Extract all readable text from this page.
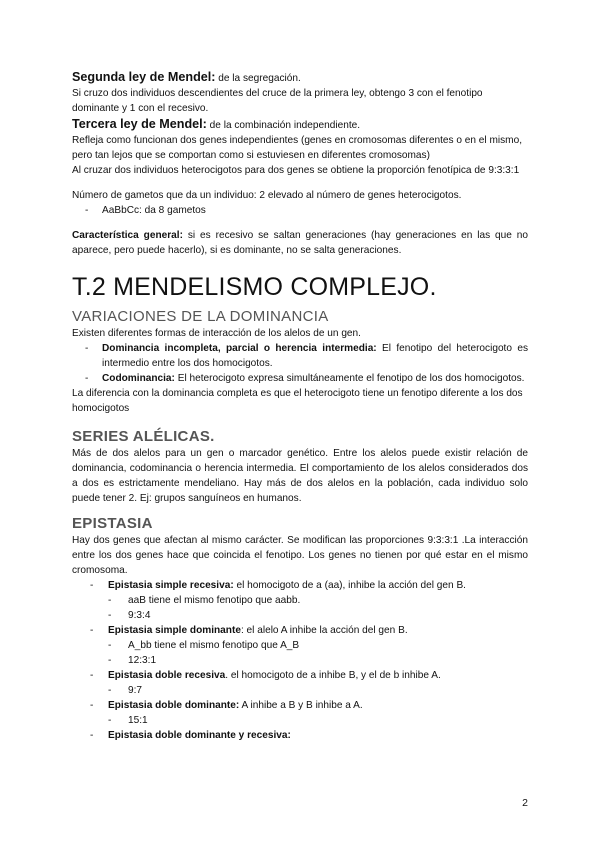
Segunda ley de Mendel: de la segregación.

Si cruzo dos individuos descendientes del cruce de la primera ley, obtengo 3 con el fenotipo dominante y 1 con el recesivo.

Tercera ley de Mendel: de la combinación independiente.

Refleja como funcionan dos genes independientes (genes en cromosomas diferentes o en el mismo, pero tan lejos que se comportan como si estuviesen en diferentes cromosomas)

Al cruzar dos individuos heterocigotos para dos genes se obtiene la proporción fenotípica de 9:3:3:1

Número de gametos que da un individuo: 2 elevado al número de genes heterocigotos.

- AaBbCc: da 8 gametos

Característica general: si es recesivo se saltan generaciones (hay generaciones en las que no aparece, pero puede hacerlo), si es dominante, no se salta generaciones.

T.2 MENDELISMO COMPLEJO.
VARIACIONES DE LA DOMINANCIA

Existen diferentes formas de interacción de los alelos de un gen.

- Dominancia incompleta, parcial o herencia intermedia: El fenotipo del heterocigoto es intermedio entre los dos homocigotos.
- Codominancia: El heterocigoto expresa simultáneamente el fenotipo de los dos homocigotos.

La diferencia con la dominancia completa es que el heterocigoto tiene un fenotipo diferente a los dos homocigotos

SERIES ALÉLICAS.

Más de dos alelos para un gen o marcador genético. Entre los alelos puede existir relación de dominancia, codominancia o herencia intermedia. El comportamiento de los alelos considerados dos a dos es estrictamente mendeliano. Hay más de dos alelos en la población, cada individuo solo puede tener 2. Ej: grupos sanguíneos en humanos.

EPISTASIA

Hay dos genes que afectan al mismo carácter. Se modifican las proporciones 9:3:3:1 .La interacción entre los dos genes hace que coincida el fenotipo. Los genes no tienen por qué estar en el mismo cromosoma.

- Epistasia simple recesiva: el homocigoto de a (aa), inhibe la acción del gen B.
- aaB tiene el mismo fenotipo que aabb.
- 9:3:4
- Epistasia simple dominante: el alelo A inhibe la acción del gen B.
- A_bb tiene el mismo fenotipo que A_B
- 12:3:1
- Epistasia doble recesiva. el homocigoto de a inhibe B, y el de b inhibe A.
- 9:7
- Epistasia doble dominante: A inhibe a B y B inhibe a A.
- 15:1
- Epistasia doble dominante y recesiva:
2
